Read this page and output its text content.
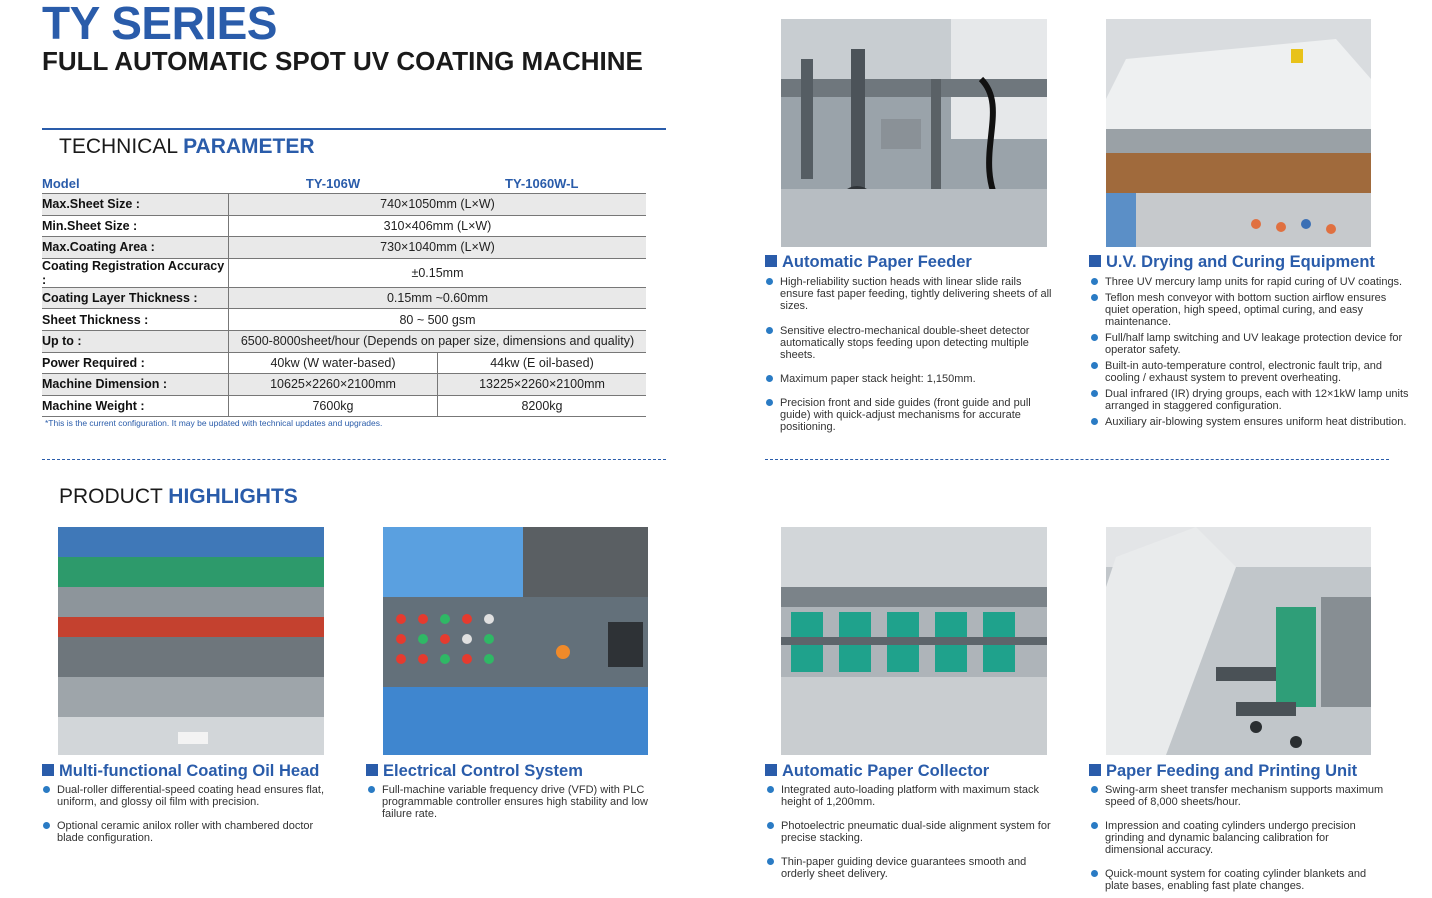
TY SERIES
FULL AUTOMATIC SPOT UV COATING MACHINE
TECHNICAL PARAMETER
Model	TY-106W	TY-1060W-L
Max.Sheet Size :	740×1050mm (L×W)	
Min.Sheet Size :	310×406mm (L×W)	
Max.Coating Area :	730×1040mm (L×W)	
Coating Registration Accuracy :	±0.15mm	
Coating Layer Thickness :	0.15mm ~0.60mm	
Sheet Thickness :	80 ~ 500 gsm	
Up to :	6500-8000sheet/hour (Depends on paper size, dimensions and quality)	
Power Required :	40kw (W water-based)	44kw (E oil-based)
Machine Dimension :	10625×2260×2100mm	13225×2260×2100mm
Machine Weight :	7600kg	8200kg
*This is the current configuration. It may be updated with technical updates and upgrades.
PRODUCT HIGHLIGHTS
Automatic Paper Feeder
High-reliability suction heads with linear slide rails ensure fast paper feeding, tightly delivering sheets of all sizes.
Sensitive electro-mechanical double-sheet detector automatically stops feeding upon detecting multiple sheets.
Maximum paper stack height: 1,150mm.
Precision front and side guides (front guide and pull guide) with quick-adjust mechanisms for accurate positioning.
U.V. Drying and Curing Equipment
Three UV mercury lamp units for rapid curing of UV coatings.
Teflon mesh conveyor with bottom suction airflow ensures quiet operation, high speed, optimal curing, and easy maintenance.
Full/half lamp switching and UV leakage protection device for operator safety.
Built-in auto-temperature control, electronic fault trip, and cooling / exhaust system to prevent overheating.
Dual infrared (IR) drying groups, each with 12×1kW lamp units arranged in staggered configuration.
Auxiliary air-blowing system ensures uniform heat distribution.
Multi-functional Coating Oil Head
Dual-roller differential-speed coating head ensures flat, uniform, and glossy oil film with precision.
Optional ceramic anilox roller with chambered doctor blade configuration.
Electrical Control System
Full-machine variable frequency drive (VFD) with PLC programmable controller ensures high stability and low failure rate.
Automatic Paper Collector
Integrated auto-loading platform with maximum stack height of 1,200mm.
Photoelectric pneumatic dual-side alignment system for precise stacking.
Thin-paper guiding device guarantees smooth and orderly sheet delivery.
Paper Feeding and Printing Unit
Swing-arm sheet transfer mechanism supports maximum speed of 8,000 sheets/hour.
Impression and coating cylinders undergo precision grinding and dynamic balancing calibration for dimensional accuracy.
Quick-mount system for coating cylinder blankets and plate bases, enabling fast plate changes.
